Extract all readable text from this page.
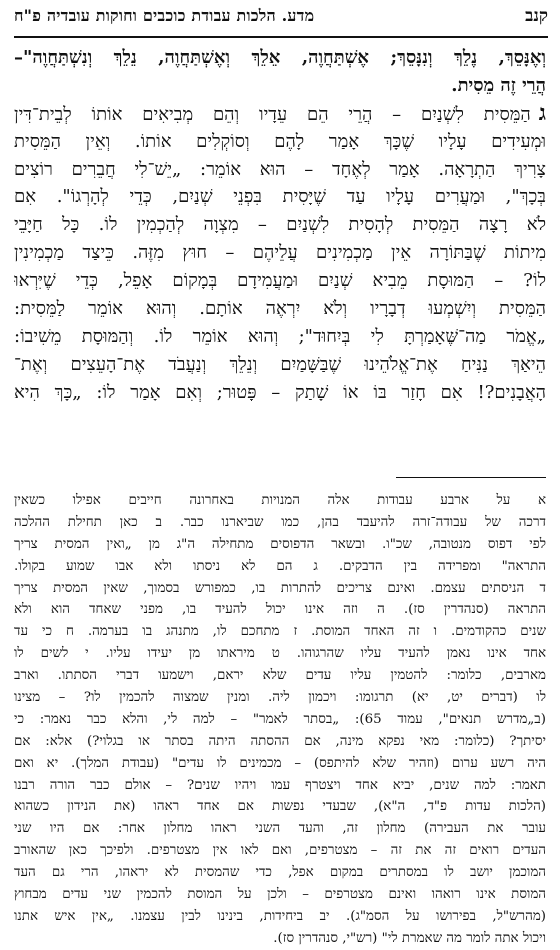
קנב
מדע. הלכות עבודת כוכבים וחוקות עובדיה פ"ח
וְאֶנָּסֵךְ, נֶלֵךְ וְנִנָּסֵךְ; אֶשְׁתַּחֲוֶה, אֵלֵךְ וְאֶשְׁתַּחֲוֶה, נֵלֵךְ וְנִשְׁתַּחֲוֶה"–
הֲרֵי זֶה מֵסִית.
גהַמֵּסִית לִשְׁנַיִם – הֲרֵי הֵם עֵדָיו וְהֵם מְבִיאִים אוֹתוֹ לְבֵית־דִּין
וּמְעִידִים עָלָיו שֶׁכָּךְ אָמַר לָהֶם וְסוֹקְלִים אוֹתוֹ. וְאֵין הַמֵּסִית
צָרִיךְ הַתְרָאָה. אָמַר לְאֶחָד – הוּא אוֹמֵר: „יֵשׁ־לִי חֲבֵרִים רוֹצִים
בְּכָךְ", וּמַעֲרִים עָלָיו עַד שֶׁיָּסִית בִּפְנֵי שְׁנַיִם, כְּדֵי לְהָרְגוֹ". אִם
לֹא רָצָה הַמֵּסִית לְהָסִית לִשְׁנַיִם – מִצְוָה לְהַכְמִין לוֹ. כָּל חַיָּבֵי
מִיתוֹת שֶׁבַּתּוֹרָה אֵין מַכְמִינִים עֲלֵיהֶם – חוּץ מִזֶּה. כֵּיצַד מַכְמִינִין
לוֹ? – הַמּוּסָת מֵבִיא שְׁנַיִם וּמַעֲמִידָם בְּמָקוֹם אָפֵל, כְּדֵי שֶׁיִּרְאוּ
הַמֵּסִית וְיִשְׁמְעוּ דְבָרָיו וְלֹא יִרְאֶה אוֹתָם. וְהוּא אוֹמֵר לַמֵּסִית:
„אֱמֹר מַה־שֶּׁאָמַרְתָּ לִי בְּיִחוּד"; וְהוּא אוֹמֵר לוֹ. וְהַמּוּסָת מֵשִׁיבוֹ:
הֵיאַךְ נַנִּיחַ אֶת־אֱלֹהֵינוּ שֶׁבַּשָּׁמַיִם וְנֵלֵךְ וְנַעֲבֹד אֶת־הָעֵצִים וְאֶת־
הָאֲבָנִים?! אִם חָזַר בּוֹ אוֹ שָׁתַק – פָּטוּר; וְאִם אָמַר לוֹ: „כָּךְ הִיא
א על ארבע עבודות אלה המנויות באחרונה חייבים אפילו כשאין
דרכה של עבודה־זרה להיעבד בהן, כמו שביארנו כבר. ב כאן תחילת ההלכה
לפי דפוס מנטובה, שכ"ו. ובשאר הדפוסים מתחילה ה"ג מן „ואין המסית צריך
התראה" ומפרידה בין הדבקים. ג הם לא ניסתו ולא אבו שמוע בקולו.
ד הניסתים עצמם. ואינם צריכים להתרות בו, כמפורש בסמוך, שאין המסית צריך
התראה (סנהדרין סז). ה וזה אינו יכול להעיד בו, מפני שאחד הוא ולא
שנים כהקודמים. ו זה האחד המוסת. ז מתחכם לו, מתנהג בו בערמה. ח כי עד
אחד אינו נאמן להעיד עליו שהרגוהו. ט מיראתו מן יעידו עליו. י לשים לו
מארבים, כלומר: להטמין עליו עדים שלא יראם, וישמעו דברי הסתתו. וארב
לו (דברים יט, יא) תרגומו: ויכמון ליה. ומנין שמצוה להכמין לו? – מצינו
(ב„מדרש תנאים", עמוד 65): „בסתר לאמר" – למה לי, והלא כבר נאמר: כי
יסיתך? (כלומר: מאי נפקא מינה, אם ההסתה היתה בסתר או בגלוי?) אלא: אם
היה רשע ערום (וזהיר שלא להיתפס) – מכמינים לו עדים" (עבודת המלך). יא ואם
תאמר: למה שנים, יביא אחד ויצטרף עמו ויהיו שנים? – אולם כבר הורה רבנו
(הלכות עדות פ"ד, ה"א), שבעדי נפשות אם אחד ראהו (את הנידון כשהוא
עובר את העבירה) מחלון זה, והעד השני ראהו מחלון אחר: אם היו שני
העדים רואים זה את זה – מצטרפים, ואם לאו אין מצטרפים. ולפיכך כאן שהאורב
המוכמן יושב לו במסתרים במקום אפל, כדי שהמסית לא יראהו, הרי גם העד
המוסת אינו רואהו ואינם מצטרפים – ולכן על המוסת להכמין שני עדים מבחוץ
(מהרש"ל, בפירושו על הסמ"ג). יב ביחידות, בינינו לבין עצמנו. „אין איש אתנו
ויכול אתה לומר מה שאמרת לי" (רש"י, סנהדרין סז).
